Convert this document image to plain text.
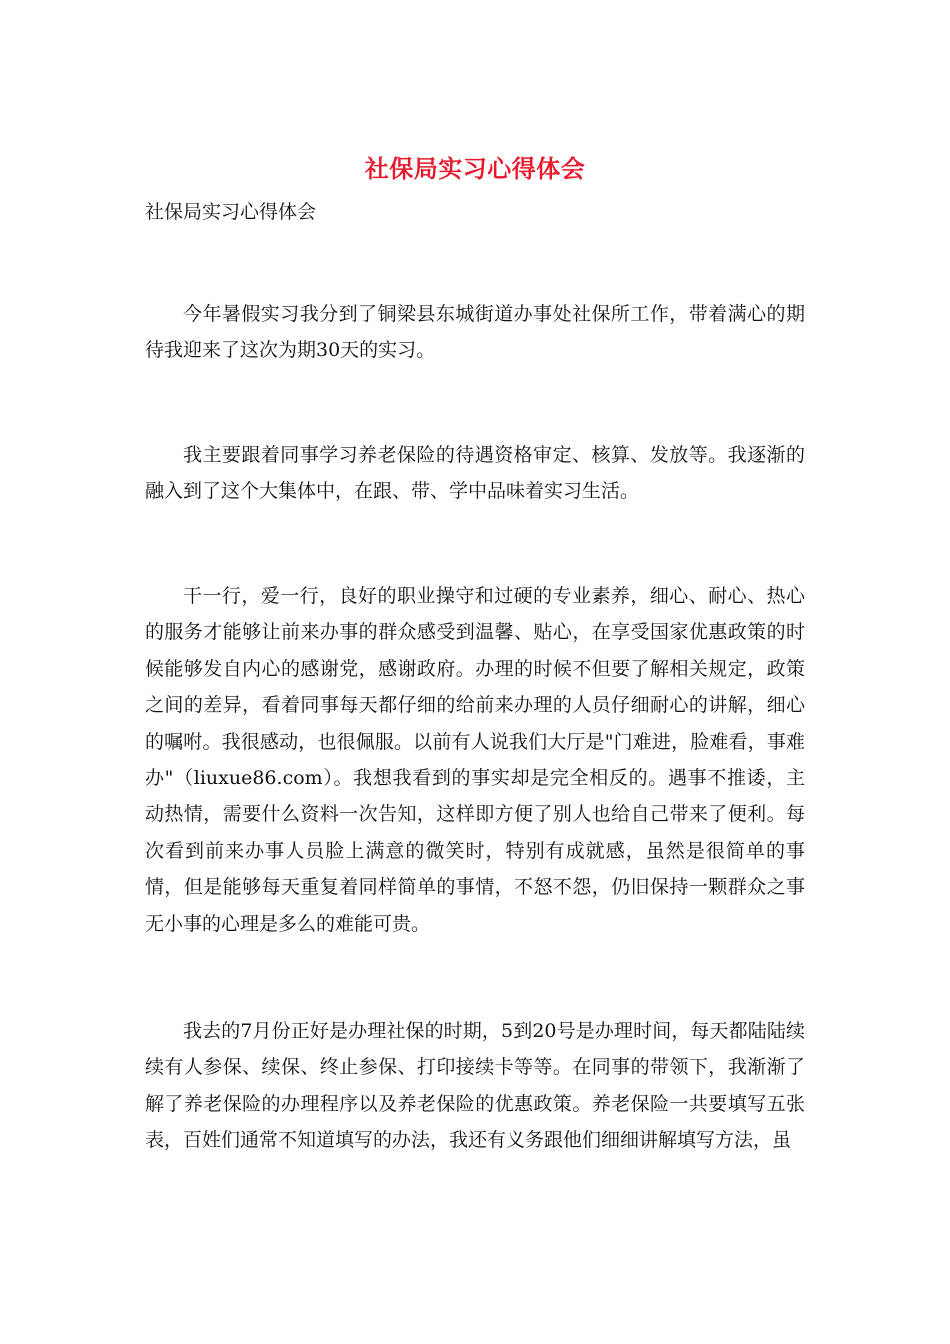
社保局实习心得体会
社保局实习心得体会

今年暑假实习我分到了铜梁县东城街道办事处社保所工作，带着满心的期待我迎来了这次为期30天的实习。

我主要跟着同事学习养老保险的待遇资格审定、核算、发放等。我逐渐的融入到了这个大集体中，在跟、带、学中品味着实习生活。

干一行，爱一行，良好的职业操守和过硬的专业素养，细心、耐心、热心的服务才能够让前来办事的群众感受到温馨、贴心，在享受国家优惠政策的时候能够发自内心的感谢党，感谢政府。办理的时候不但要了解相关规定，政策之间的差异，看着同事每天都仔细的给前来办理的人员仔细耐心的讲解，细心的嘱咐。我很感动，也很佩服。以前有人说我们大厅是"门难进，脸难看，事难办"（liuxue86.com）。我想我看到的事实却是完全相反的。遇事不推诿，主动热情，需要什么资料一次告知，这样即方便了别人也给自己带来了便利。每次看到前来办事人员脸上满意的微笑时，特别有成就感，虽然是很简单的事情，但是能够每天重复着同样简单的事情，不怒不怨，仍旧保持一颗群众之事无小事的心理是多么的难能可贵。

我去的7月份正好是办理社保的时期，5到20号是办理时间，每天都陆陆续续有人参保、续保、终止参保、打印接续卡等等。在同事的带领下，我渐渐了解了养老保险的办理程序以及养老保险的优惠政策。养老保险一共要填写五张表，百姓们通常不知道填写的办法，我还有义务跟他们细细讲解填写方法，虽
